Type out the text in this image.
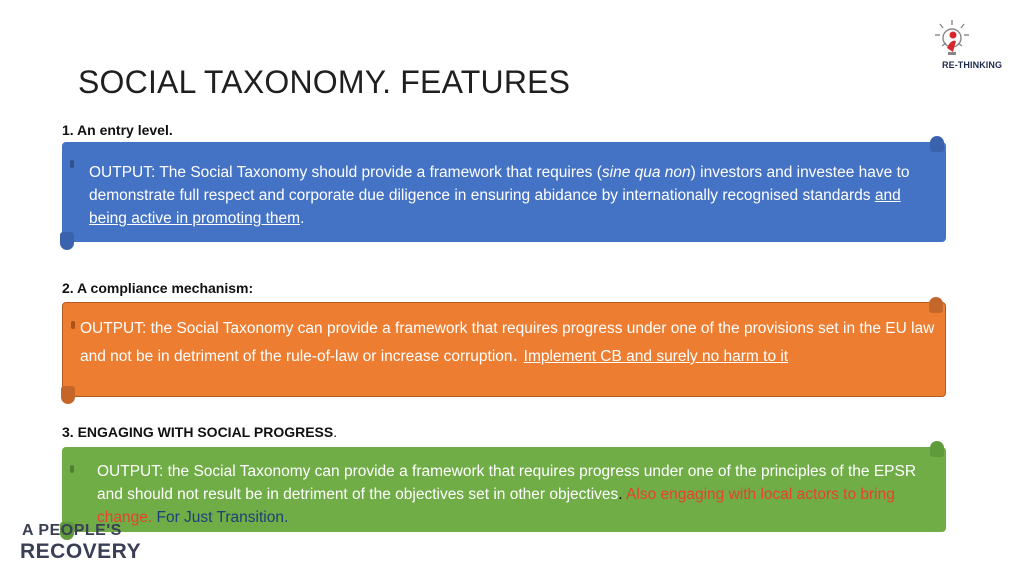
SOCIAL TAXONOMY. FEATURES	RE-THINKING
1. An entry level.

OUTPUT: The Social Taxonomy should provide a framework that requires (sine qua non) investors and investee have to demonstrate full respect and corporate due diligence in ensuring abidance by internationally recognised standards and being active in promoting them.

2. A compliance mechanism:

OUTPUT: the Social Taxonomy can provide a framework that requires progress under one of the provisions set in the EU law and not be in detriment of the rule-of-law or increase corruption. Implement CB and surely no harm to it

3. ENGAGING WITH SOCIAL PROGRESS.

OUTPUT: the Social Taxonomy can provide a framework that requires progress under one of the principles of the EPSR and should not result be in detriment of the objectives set in other objectives. Also engaging with local actors to bring change. For Just Transition.

A PEOPLE'S
RECOVERY
